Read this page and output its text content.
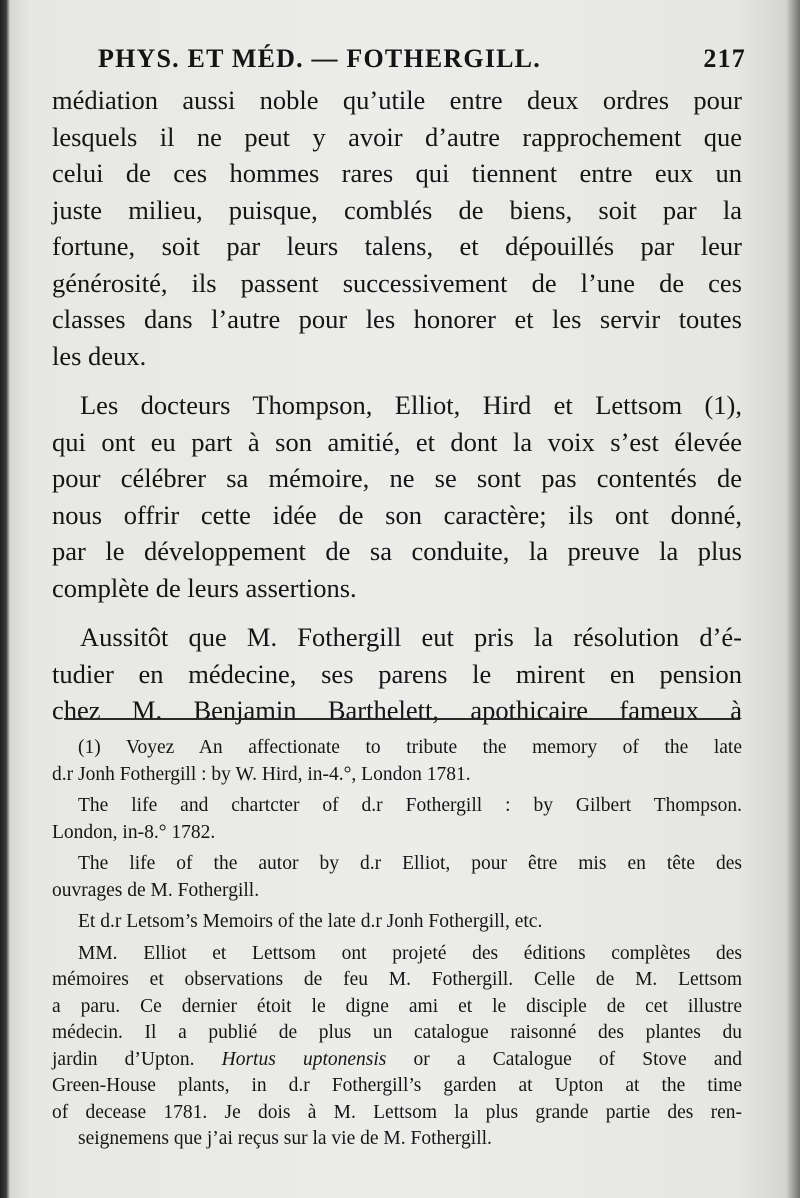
PHYS. ET MÉD. — FOTHERGILL.	217
médiation aussi noble qu’utile entre deux ordres pour
lesquels il ne peut y avoir d’autre rapprochement que
celui de ces hommes rares qui tiennent entre eux un
juste milieu, puisque, comblés de biens, soit par la
fortune, soit par leurs talens, et dépouillés par leur
générosité, ils passent successivement de l’une de ces
classes dans l’autre pour les honorer et les servir toutes
les deux.
Les docteurs Thompson, Elliot, Hird et Lettsom (1),
qui ont eu part à son amitié, et dont la voix s’est élevée
pour célébrer sa mémoire, ne se sont pas contentés de
nous offrir cette idée de son caractère; ils ont donné,
par le développement de sa conduite, la preuve la plus
complète de leurs assertions.
Aussitôt que M. Fothergill eut pris la résolution d’é-
tudier en médecine, ses parens le mirent en pension
chez M. Benjamin Barthelett, apothicaire fameux à
(1) Voyez An affectionate to tribute the memory of the late
d.r Jonh Fothergill : by W. Hird, in-4.°, London 1781.
The life and chartcter of d.r Fothergill : by Gilbert Thompson.
London, in-8.° 1782.
The life of the autor by d.r Elliot, pour être mis en tête des
ouvrages de M. Fothergill.
Et d.r Letsom’s Memoirs of the late d.r Jonh Fothergill, etc.
MM. Elliot et Lettsom ont projeté des éditions complètes des
mémoires et observations de feu M. Fothergill. Celle de M. Lettsom
a paru. Ce dernier étoit le digne ami et le disciple de cet illustre
médecin. Il a publié de plus un catalogue raisonné des plantes du
jardin d’Upton. Hortus uptonensis or a Catalogue of Stove and
Green-House plants, in d.r Fothergill’s garden at Upton at the time
of decease 1781. Je dois à M. Lettsom la plus grande partie des ren-
seignemens que j’ai reçus sur la vie de M. Fothergill.
